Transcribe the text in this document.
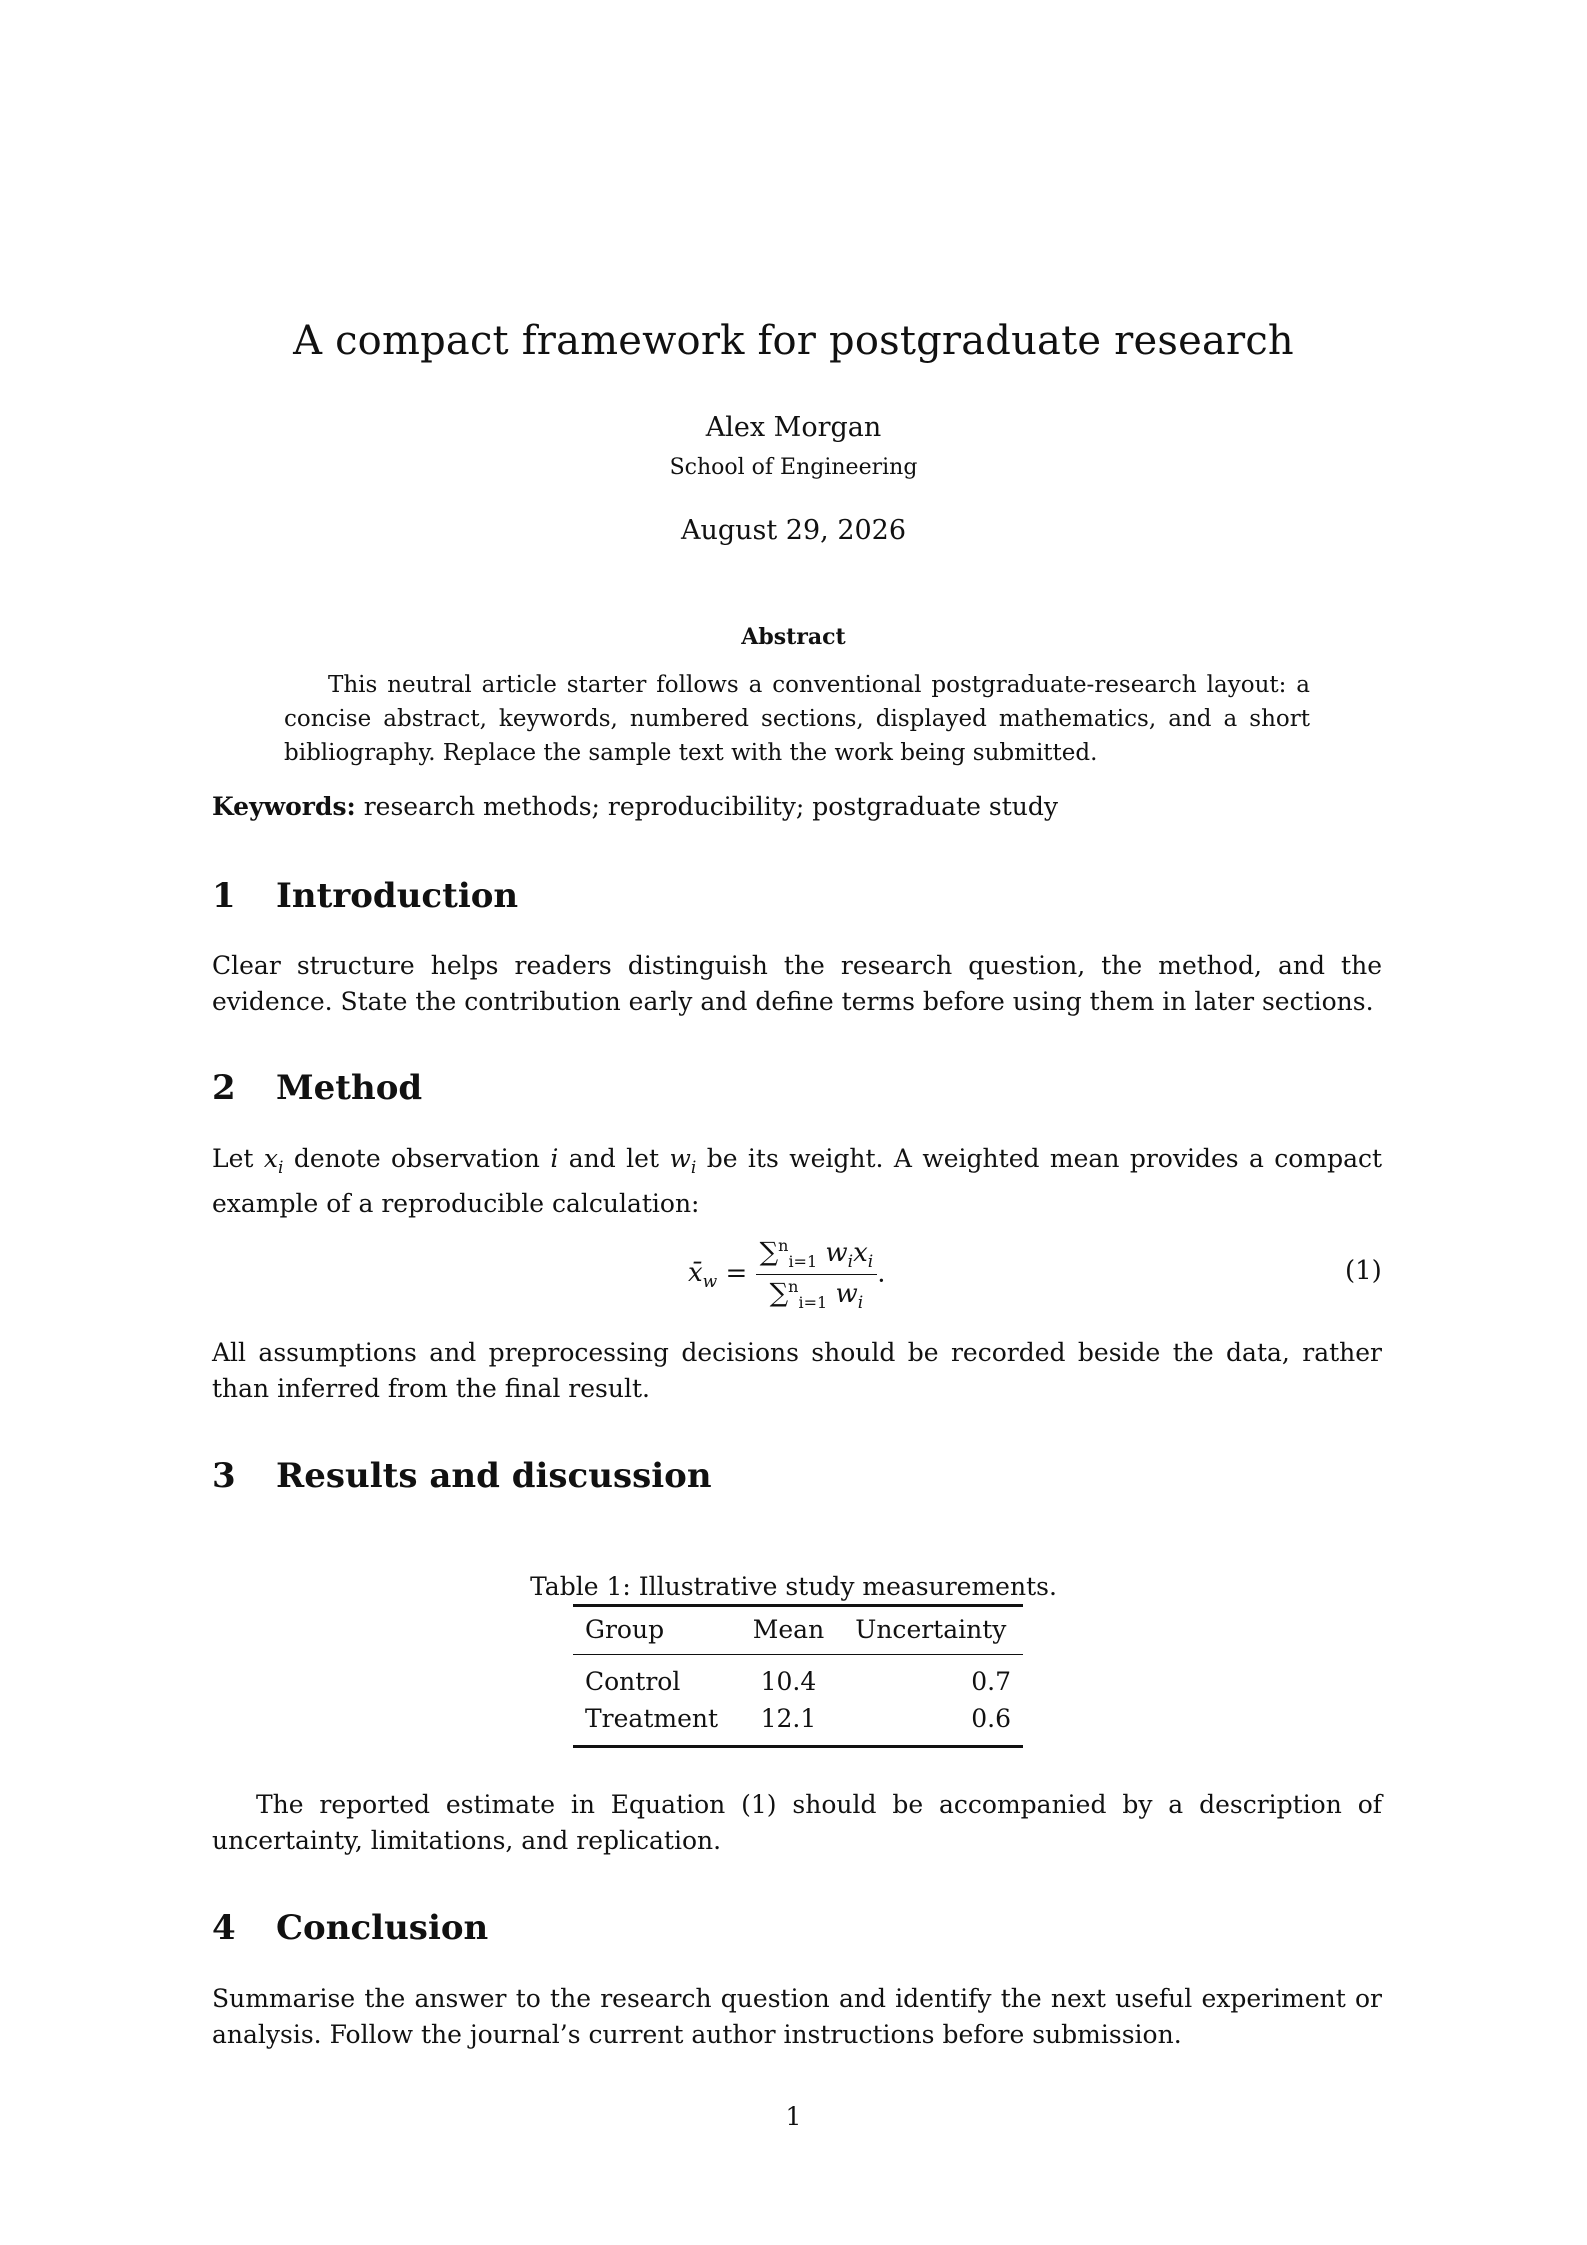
A compact framework for postgraduate research
Alex Morgan
School of Engineering
August 29, 2026
Abstract
This neutral article starter follows a conventional postgraduate-research layout: a concise abstract, keywords, numbered sections, displayed mathematics, and a short bibliography. Replace the sample text with the work being submitted.
Keywords: research methods; reproducibility; postgraduate study
1 Introduction
Clear structure helps readers distinguish the research question, the method, and the evidence. State the contribution early and define terms before using them in later sections.
2 Method
Let $x_i$ denote observation i and let $w_i$ be its weight. A weighted mean provides a compact example of a reproducible calculation:
$x̄_w = \frac{\sum^n_{i=1} w_ix_i}{\sum^n_{i=1} w_i}$ .	(1)
All assumptions and preprocessing decisions should be recorded beside the data, rather than inferred from the final result.
3 Results and discussion
Table 1: Illustrative study measurements.
Group	Mean	Uncertainty
Control	10.4	0.7
Treatment	12.1	0.6
The reported estimate in Equation (1) should be accompanied by a description of uncertainty, limitations, and replication.
4 Conclusion
Summarise the answer to the research question and identify the next useful experiment or analysis. Follow the journal’s current author instructions before submission.
1
